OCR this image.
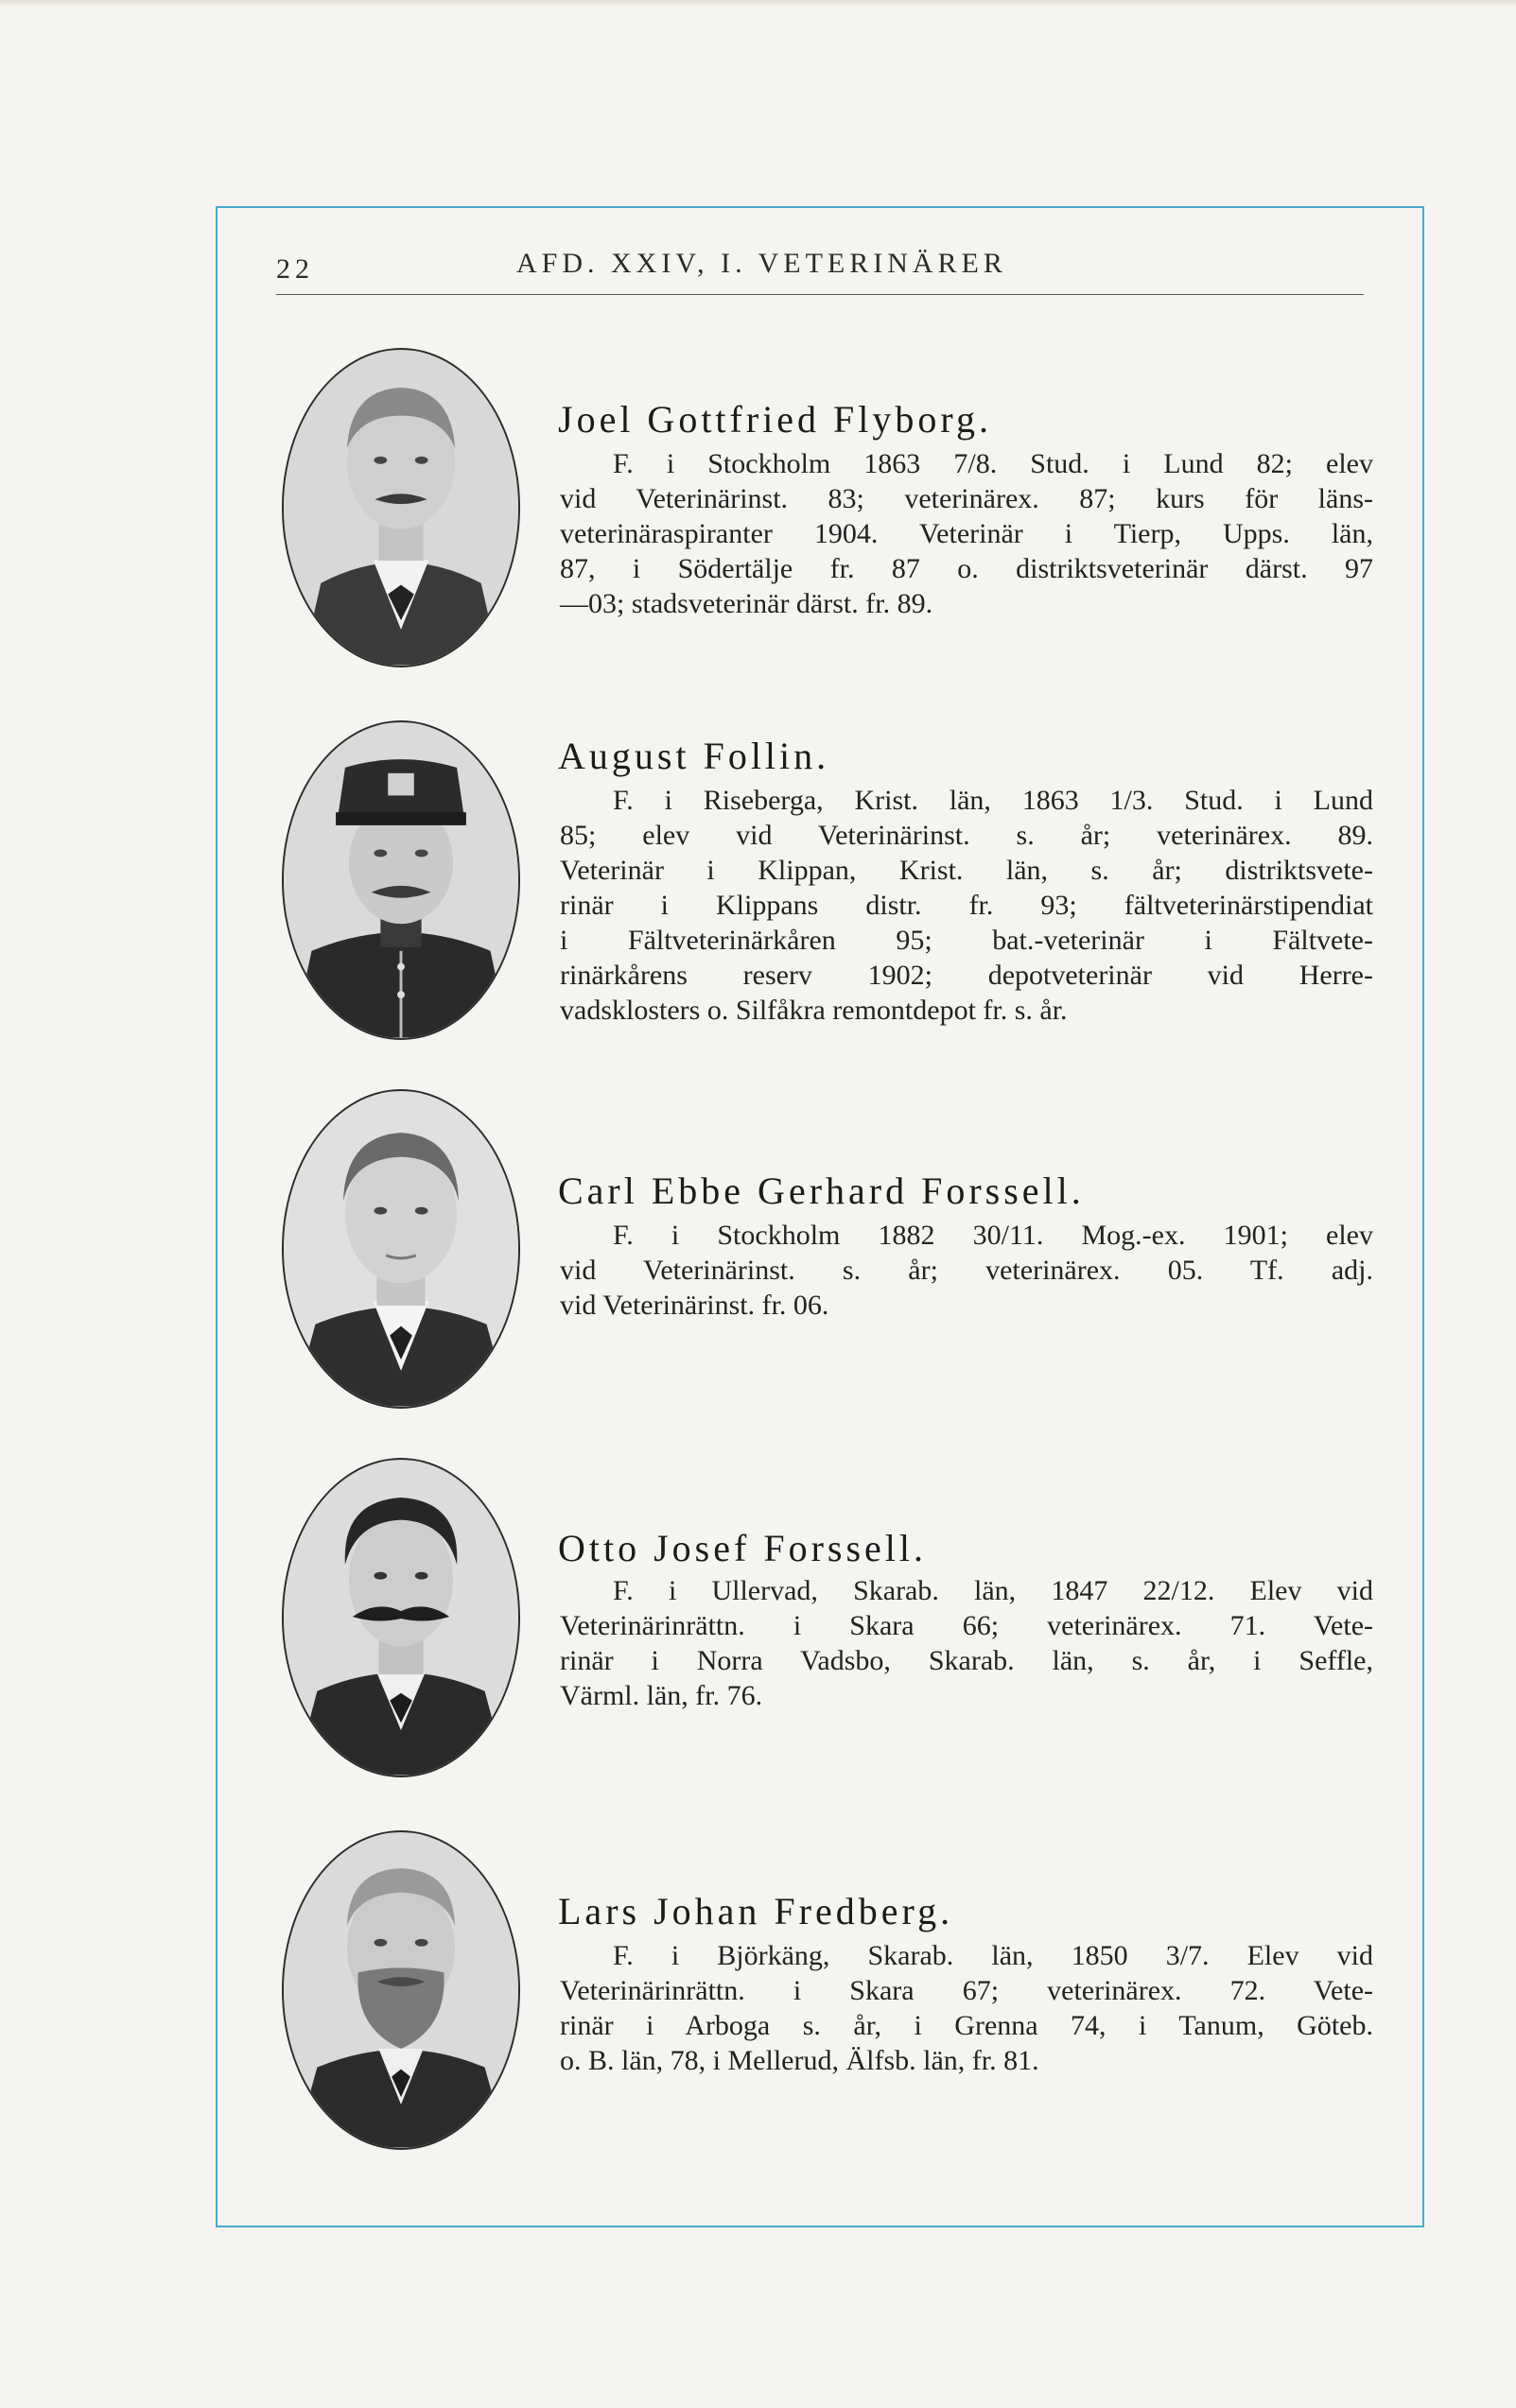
22	AFD. XXIV, I. VETERINÄRER
Joel Gottfried Flyborg.
F. i Stockholm 1863 7/8. Stud. i Lund 82; elev
vid Veterinärinst. 83; veterinärex. 87; kurs för läns-
veterinäraspiranter 1904. Veterinär i Tierp, Upps. län,
87, i Södertälje fr. 87 o. distriktsveterinär därst. 97
—03; stadsveterinär därst. fr. 89.
August Follin.
F. i Riseberga, Krist. län, 1863 1/3. Stud. i Lund
85; elev vid Veterinärinst. s. år; veterinärex. 89.
Veterinär i Klippan, Krist. län, s. år; distriktsvete-
rinär i Klippans distr. fr. 93; fältveterinärstipendiat
i Fältveterinärkåren 95; bat.-veterinär i Fältvete-
rinärkårens reserv 1902; depotveterinär vid Herre-
vadsklosters o. Silfåkra remontdepot fr. s. år.
Carl Ebbe Gerhard Forssell.
F. i Stockholm 1882 30/11. Mog.-ex. 1901; elev
vid Veterinärinst. s. år; veterinärex. 05. Tf. adj.
vid Veterinärinst. fr. 06.
Otto Josef Forssell.
F. i Ullervad, Skarab. län, 1847 22/12. Elev vid
Veterinärinrättn. i Skara 66; veterinärex. 71. Vete-
rinär i Norra Vadsbo, Skarab. län, s. år, i Seffle,
Värml. län, fr. 76.
Lars Johan Fredberg.
F. i Björkäng, Skarab. län, 1850 3/7. Elev vid
Veterinärinrättn. i Skara 67; veterinärex. 72. Vete-
rinär i Arboga s. år, i Grenna 74, i Tanum, Göteb.
o. B. län, 78, i Mellerud, Älfsb. län, fr. 81.
